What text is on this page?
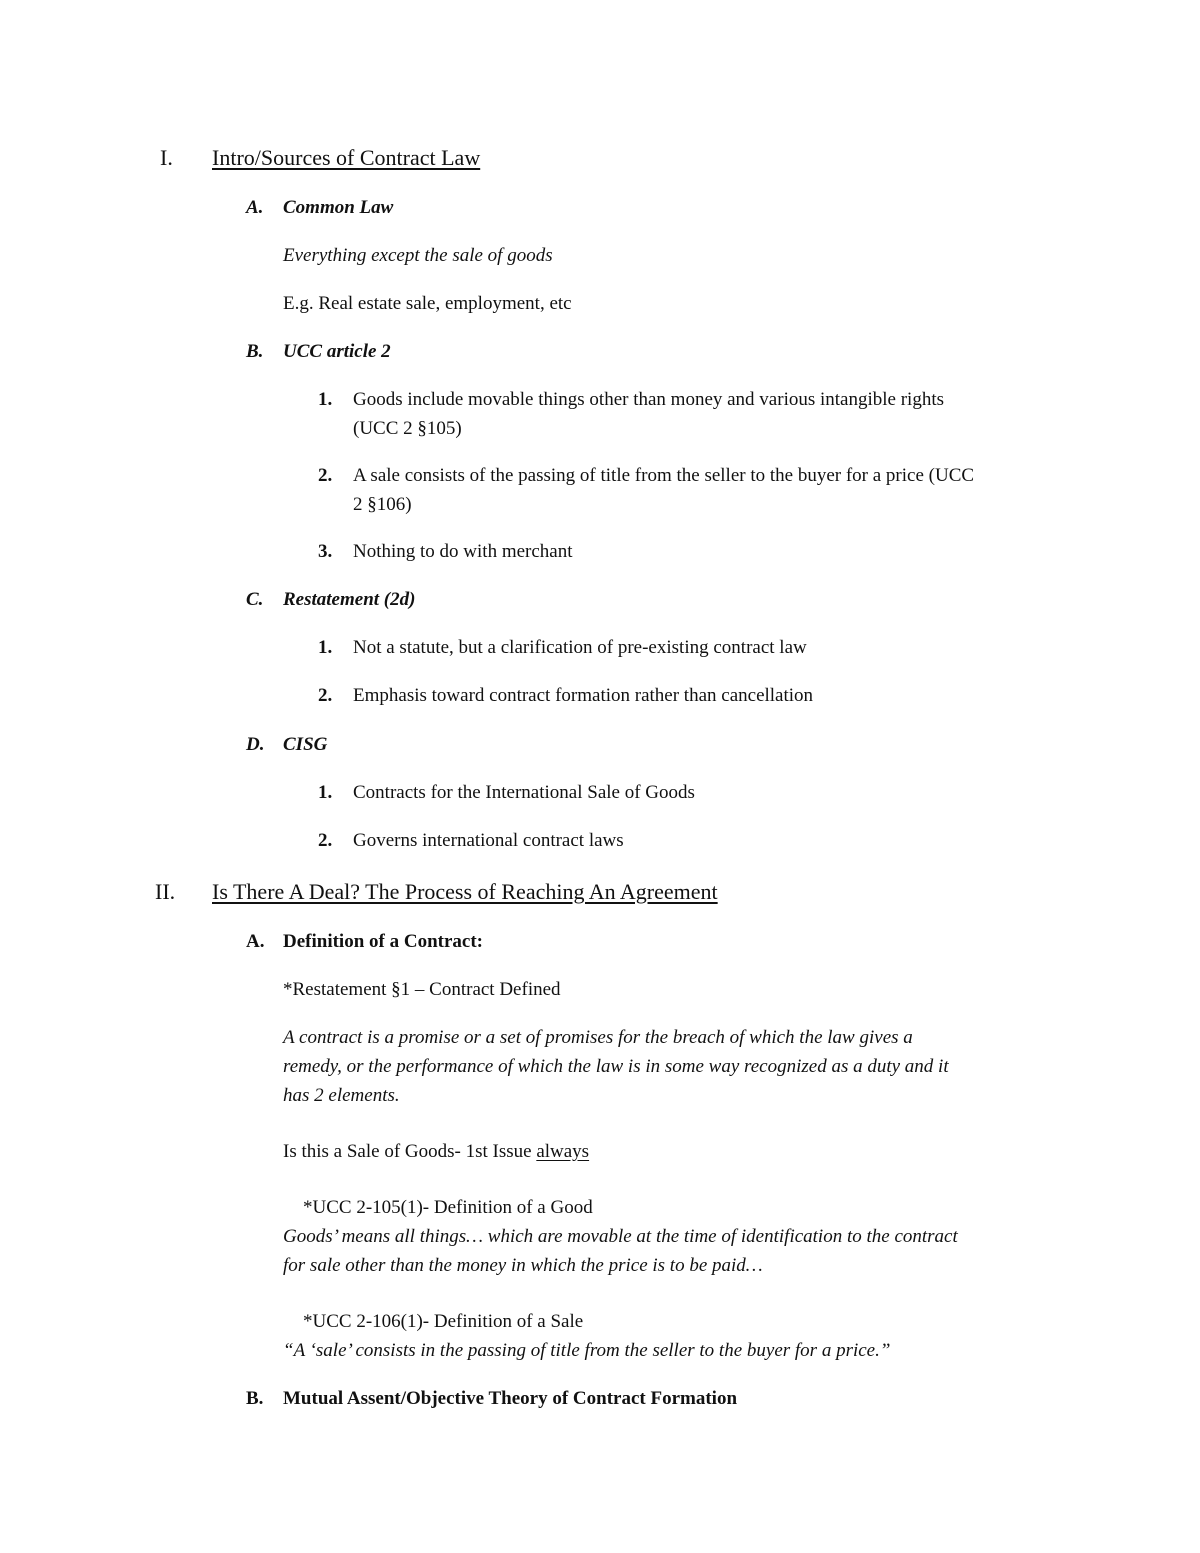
I. Intro/Sources of Contract Law
A. Common Law
Everything except the sale of goods
E.g. Real estate sale, employment, etc
B. UCC article 2
1. Goods include movable things other than money and various intangible rights
(UCC 2 §105)
2. A sale consists of the passing of title from the seller to the buyer for a price (UCC
2 §106)
3. Nothing to do with merchant
C. Restatement (2d)
1. Not a statute, but a clarification of pre-existing contract law
2. Emphasis toward contract formation rather than cancellation
D. CISG
1. Contracts for the International Sale of Goods
2. Governs international contract laws
II. Is There A Deal? The Process of Reaching An Agreement
A. Definition of a Contract:
*Restatement §1 – Contract Defined
A contract is a promise or a set of promises for the breach of which the law gives a
remedy, or the performance of which the law is in some way recognized as a duty and it
has 2 elements.
Is this a Sale of Goods- 1st Issue always
*UCC 2-105(1)- Definition of a Good
Goods’ means all things… which are movable at the time of identification to the contract
for sale other than the money in which the price is to be paid…
*UCC 2-106(1)- Definition of a Sale
“A ‘sale’ consists in the passing of title from the seller to the buyer for a price.”
B. Mutual Assent/Objective Theory of Contract Formation
